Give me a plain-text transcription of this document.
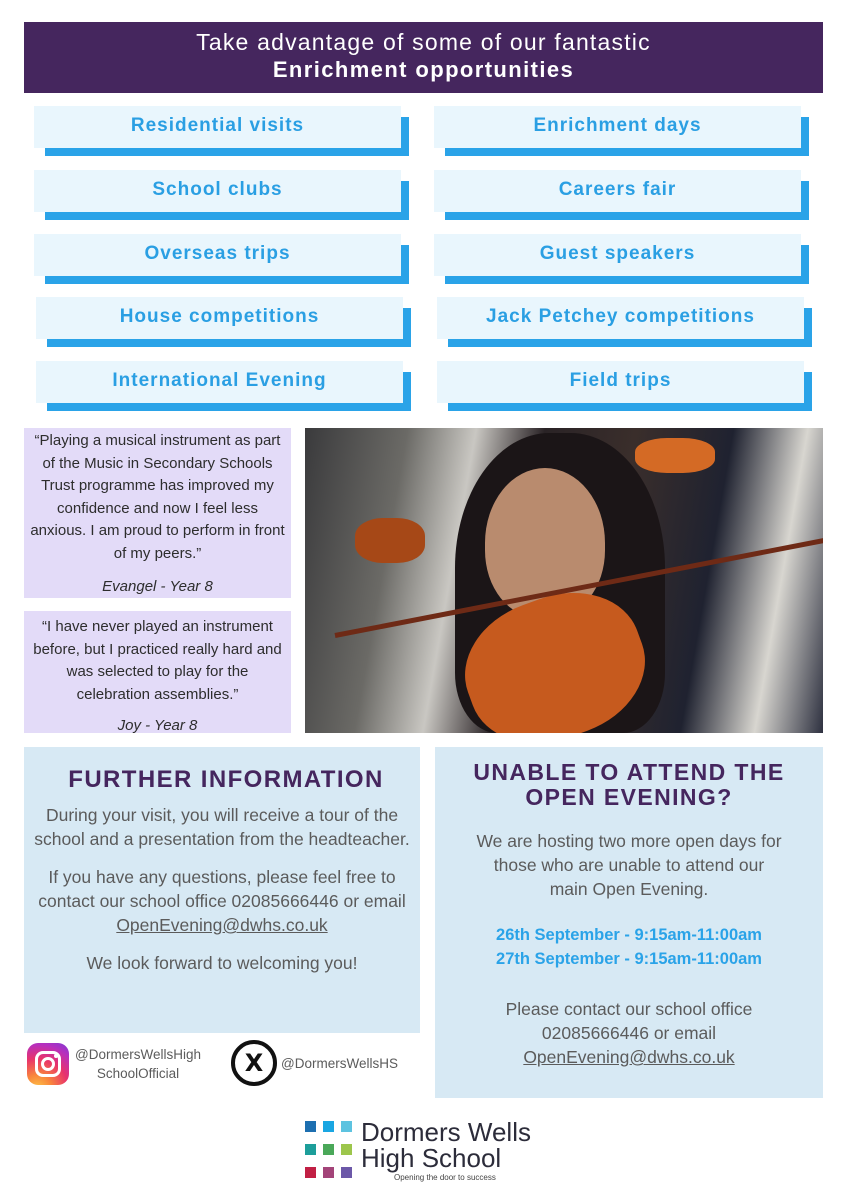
Take advantage of some of our fantastic
Enrichment opportunities
Residential visits
School clubs
Overseas trips
House competitions
International Evening
Enrichment days
Careers fair
Guest speakers
Jack Petchey competitions
Field trips
“Playing a musical instrument as part of the Music in Secondary Schools Trust programme has improved my confidence and now I feel less anxious. I am proud to perform in front of my peers.”
Evangel - Year 8
“I have never played an instrument before, but I practiced really hard and was selected to play for the celebration assemblies.”
Joy - Year 8
FURTHER INFORMATION

During your visit, you will receive a tour of the school and a presentation from the headteacher.

If you have any questions, please feel free to contact our school office 02085666446 or email
OpenEvening@dwhs.co.uk

We look forward to welcoming you!

UNABLE TO ATTEND THE
OPEN EVENING?

We are hosting two more open days for those who are unable to attend our main Open Evening.

26th September - 9:15am-11:00am
27th September - 9:15am-11:00am

Please contact our school office 02085666446 or email
OpenEvening@dwhs.co.uk

@DormersWellsHigh
SchoolOfficial	X	@DormersWellsHS
Dormers Wells
High School
Opening the door to success
